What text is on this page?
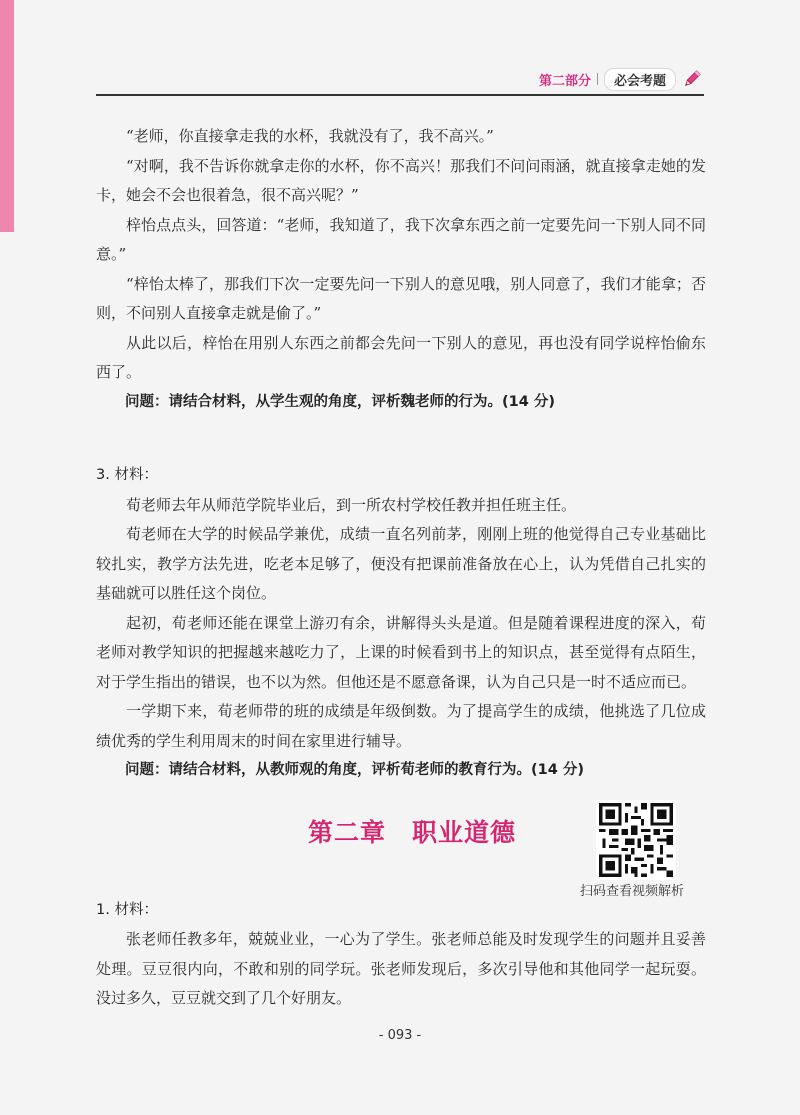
第二部分	必会考题

“老师，你直接拿走我的水杯，我就没有了，我不高兴。”

“对啊，我不告诉你就拿走你的水杯，你不高兴！那我们不问问雨涵，就直接拿走她的发卡，她会不会也很着急，很不高兴呢？”

梓怡点点头，回答道：“老师，我知道了，我下次拿东西之前一定要先问一下别人同不同意。”

“梓怡太棒了，那我们下次一定要先问一下别人的意见哦，别人同意了，我们才能拿；否则，不问别人直接拿走就是偷了。”

从此以后，梓怡在用别人东西之前都会先问一下别人的意见，再也没有同学说梓怡偷东西了。

问题：请结合材料，从学生观的角度，评析魏老师的行为。(14 分)

3. 材料：

荀老师去年从师范学院毕业后，到一所农村学校任教并担任班主任。

荀老师在大学的时候品学兼优，成绩一直名列前茅，刚刚上班的他觉得自己专业基础比较扎实，教学方法先进，吃老本足够了，便没有把课前准备放在心上，认为凭借自己扎实的基础就可以胜任这个岗位。

起初，荀老师还能在课堂上游刃有余，讲解得头头是道。但是随着课程进度的深入，荀老师对教学知识的把握越来越吃力了，上课的时候看到书上的知识点，甚至觉得有点陌生，对于学生指出的错误，也不以为然。但他还是不愿意备课，认为自己只是一时不适应而已。

一学期下来，荀老师带的班的成绩是年级倒数。为了提高学生的成绩，他挑选了几位成绩优秀的学生利用周末的时间在家里进行辅导。

问题：请结合材料，从教师观的角度，评析荀老师的教育行为。(14 分)

第二章　职业道德
扫码查看视频解析

1. 材料：

张老师任教多年，兢兢业业，一心为了学生。张老师总能及时发现学生的问题并且妥善处理。豆豆很内向，不敢和别的同学玩。张老师发现后，多次引导他和其他同学一起玩耍。没过多久，豆豆就交到了几个好朋友。

- 093 -
